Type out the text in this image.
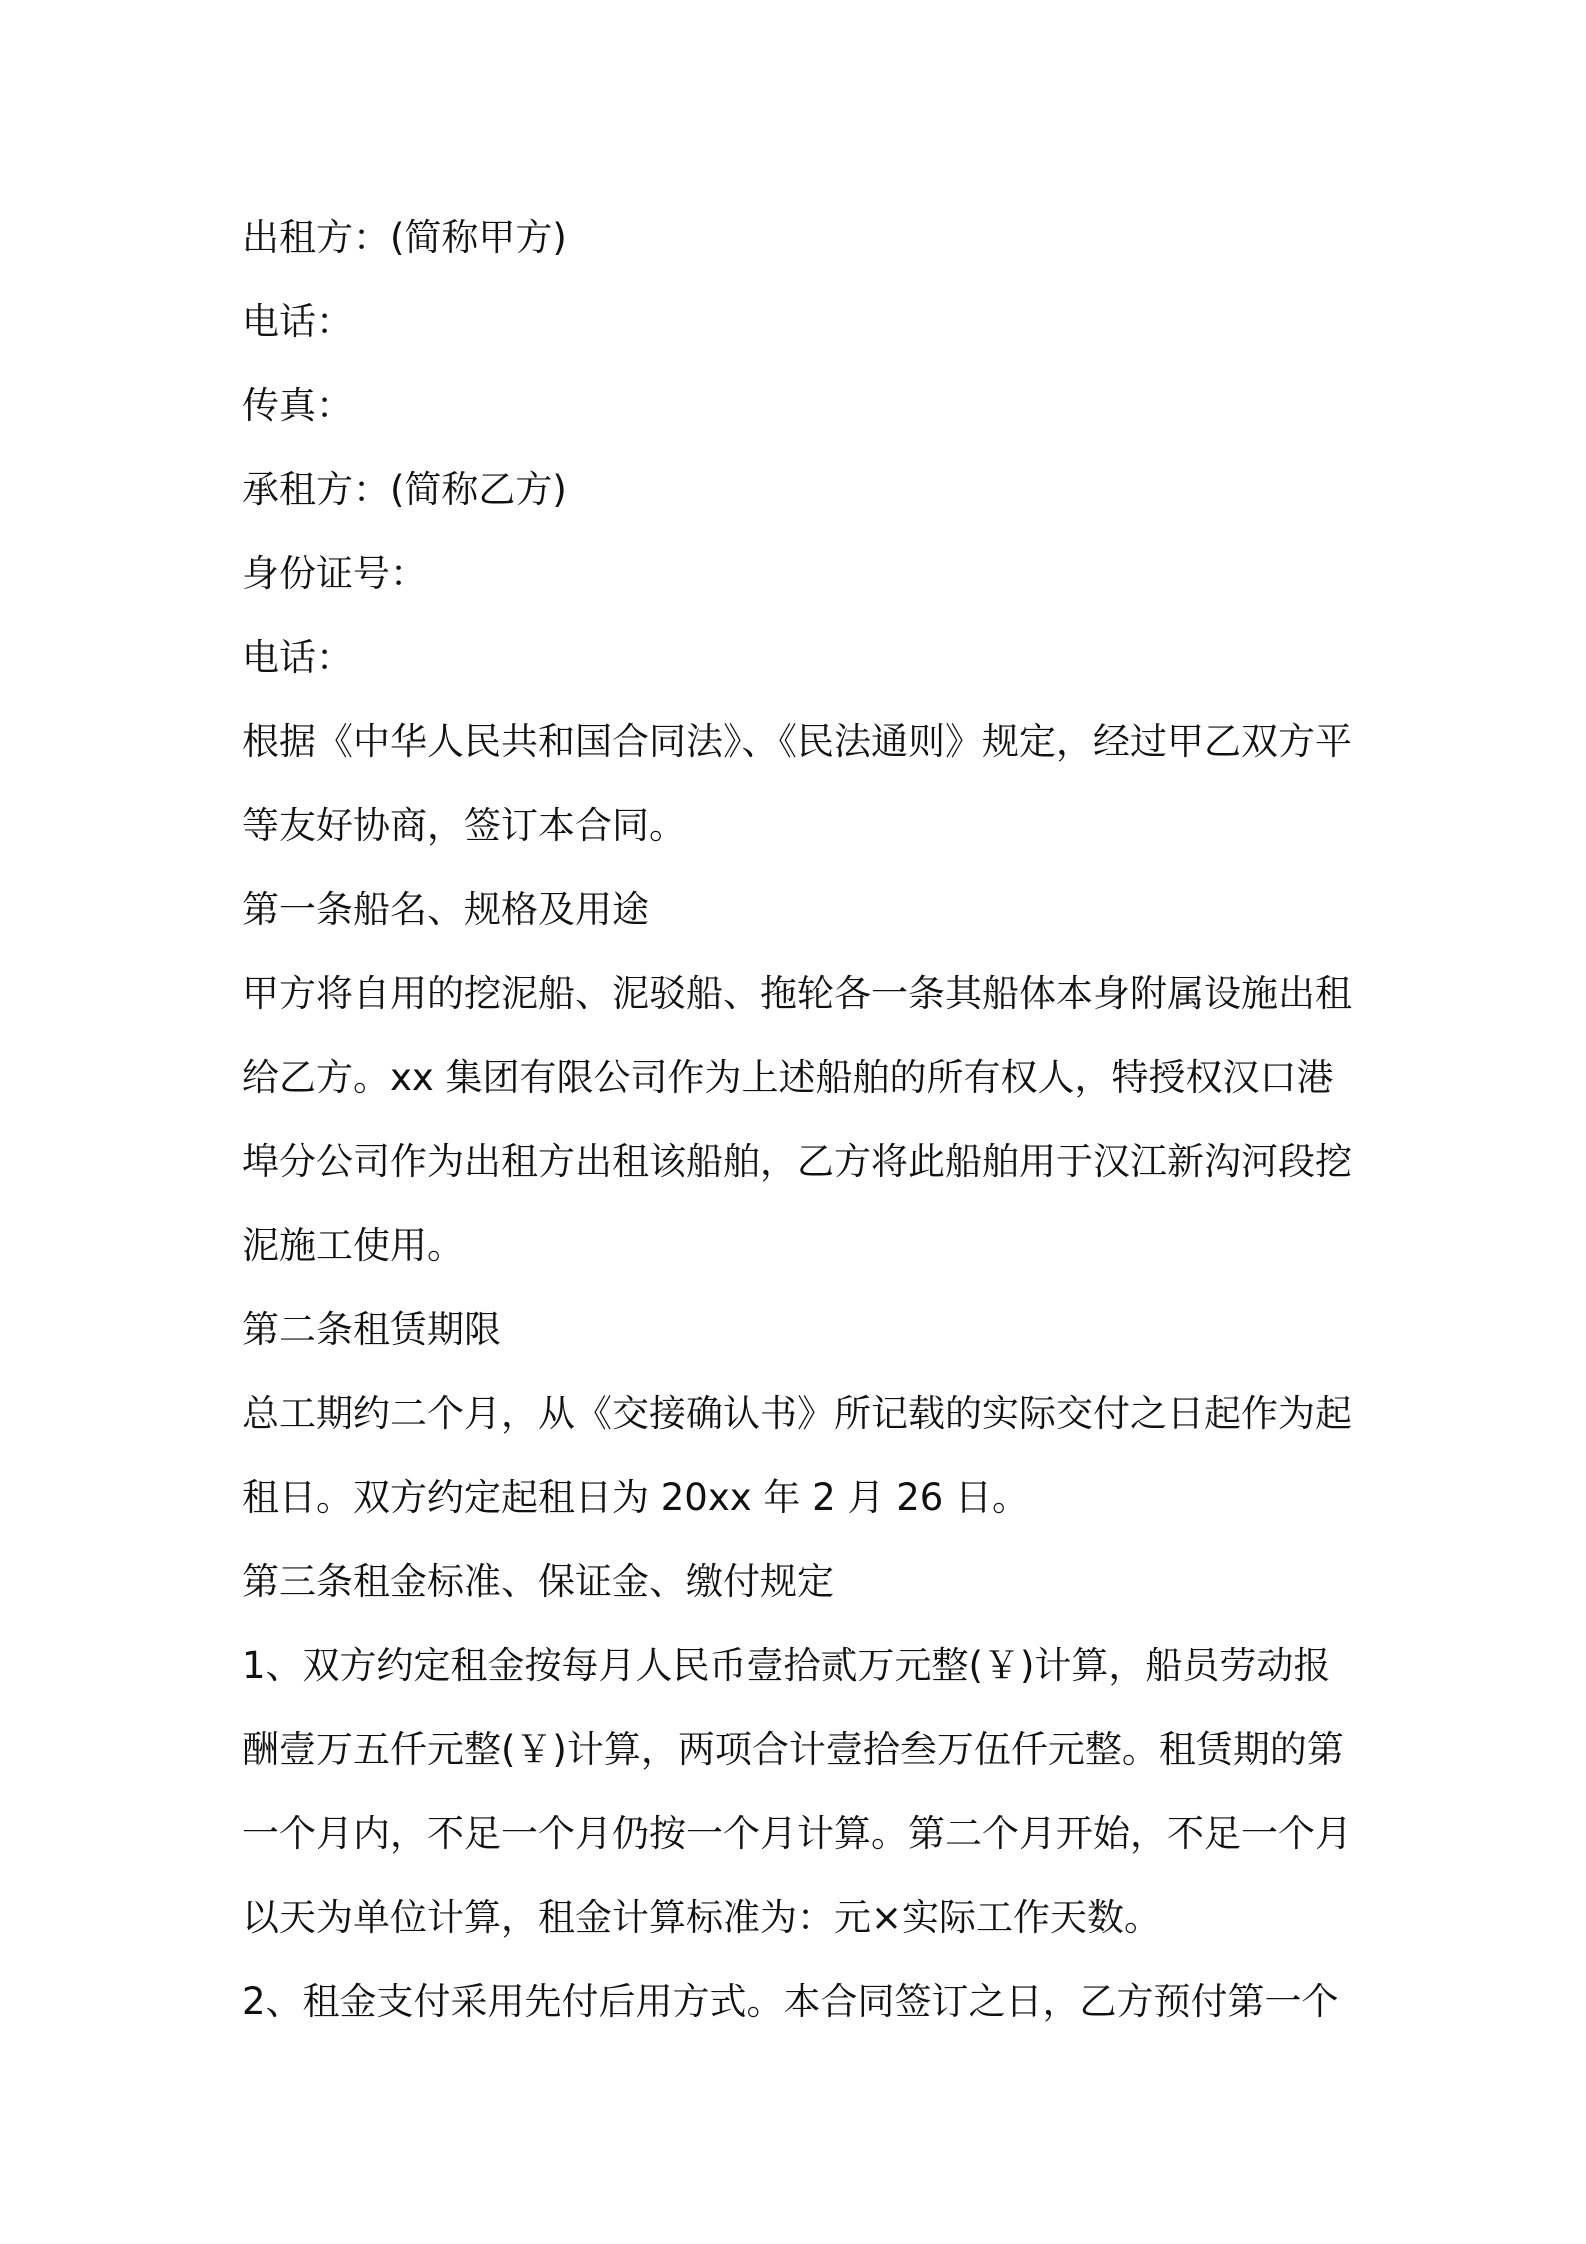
出租方：(简称甲方)
电话：
传真：
承租方：(简称乙方)
身份证号：
电话：
根据《中华人民共和国合同法》、《民法通则》规定，经过甲乙双方平
等友好协商，签订本合同。
第一条船名、规格及用途
甲方将自用的挖泥船、泥驳船、拖轮各一条其船体本身附属设施出租
给乙方。xx 集团有限公司作为上述船舶的所有权人，特授权汉口港
埠分公司作为出租方出租该船舶，乙方将此船舶用于汉江新沟河段挖
泥施工使用。
第二条租赁期限
总工期约二个月，从《交接确认书》所记载的实际交付之日起作为起
租日。双方约定起租日为 20xx 年 2 月 26 日。
第三条租金标准、保证金、缴付规定
1、双方约定租金按每月人民币壹拾贰万元整(￥)计算，船员劳动报
酬壹万五仟元整(￥)计算，两项合计壹拾叁万伍仟元整。租赁期的第
一个月内，不足一个月仍按一个月计算。第二个月开始，不足一个月
以天为单位计算，租金计算标准为：元×实际工作天数。
2、租金支付采用先付后用方式。本合同签订之日，乙方预付第一个
